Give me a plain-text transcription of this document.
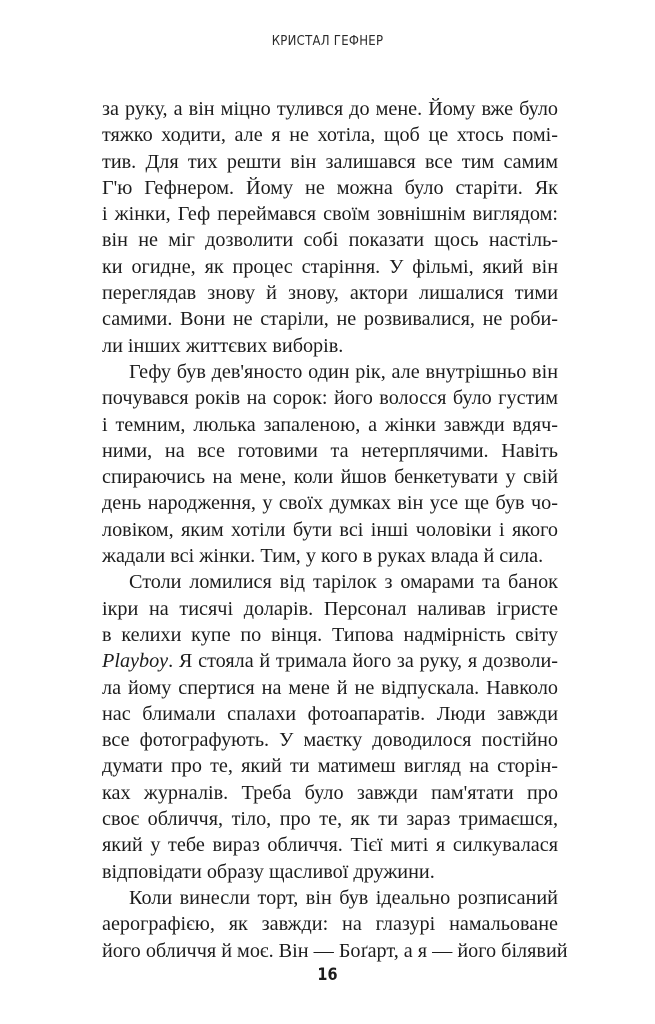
КРИСТАЛ ГЕФНЕР

за руку, а він міцно тулився до мене. Йому вже було
тяжко ходити, але я не хотіла, щоб це хтось помі-
тив. Для тих решти він залишався все тим самим
Г'ю Гефнером. Йому не можна було старіти. Як
і жінки, Геф переймався своїм зовнішнім виглядом:
він не міг дозволити собі показати щось настіль-
ки огидне, як процес старіння. У фільмі, який він
переглядав знову й знову, актори лишалися тими
самими. Вони не старіли, не розвивалися, не роби-
ли інших життєвих виборів.

Гефу був дев'яносто один рік, але внутрішньо він
почувався років на сорок: його волосся було густим
і темним, люлька запаленою, а жінки завжди вдяч-
ними, на все готовими та нетерплячими. Навіть
спираючись на мене, коли йшов бенкетувати у свій
день народження, у своїх думках він усе ще був чо-
ловіком, яким хотіли бути всі інші чоловіки і якого
жадали всі жінки. Тим, у кого в руках влада й сила.

Столи ломилися від тарілок з омарами та банок
ікри на тисячі доларів. Персонал наливав ігристе
в келихи купе по вінця. Типова надмірність світу
Playboy. Я стояла й тримала його за руку, я дозволи-
ла йому спертися на мене й не відпускала. Навколо
нас блимали спалахи фотоапаратів. Люди завжди
все фотографують. У маєтку доводилося постійно
думати про те, який ти матимеш вигляд на сторін-
ках журналів. Треба було завжди пам'ятати про
своє обличчя, тіло, про те, як ти зараз тримаєшся,
який у тебе вираз обличчя. Тієї миті я силкувалася
відповідати образу щасливої дружини.

Коли винесли торт, він був ідеально розписаний
аерографією, як завжди: на глазурі намальоване
його обличчя й моє. Він — Боґарт, а я — його білявий

16
